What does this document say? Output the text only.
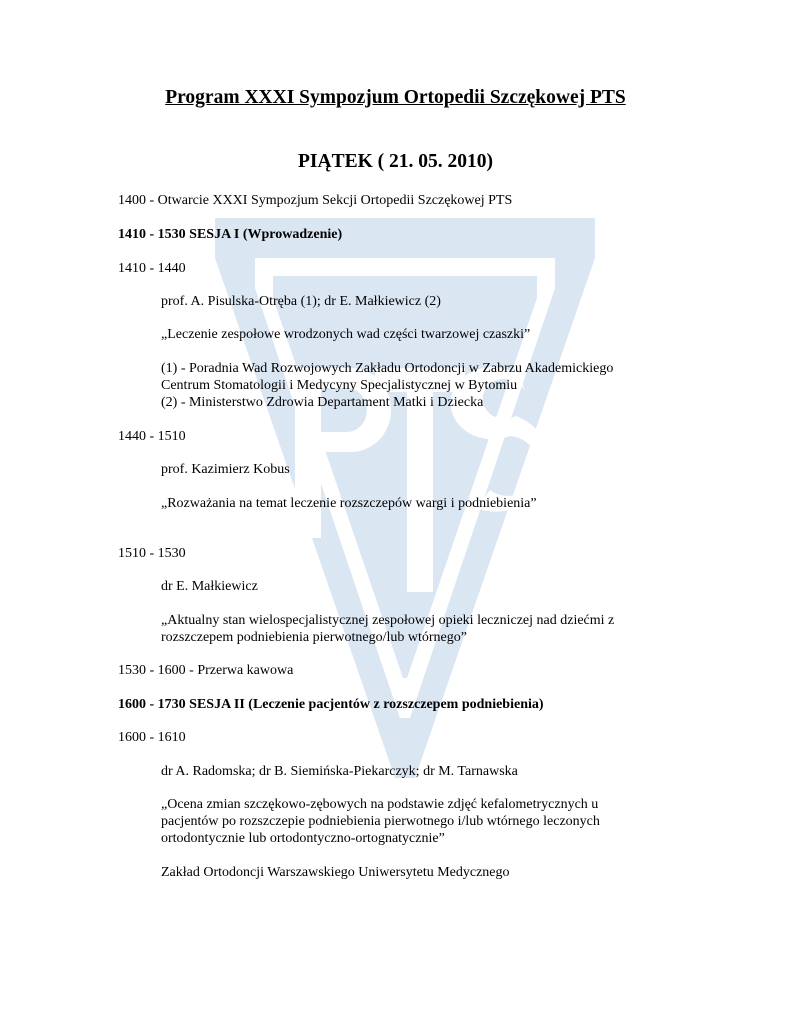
Program XXXI Sympozjum Ortopedii Szczękowej PTS
PIĄTEK ( 21. 05. 2010)

1400 - Otwarcie XXXI Sympozjum Sekcji Ortopedii Szczękowej PTS

1410 - 1530 SESJA I (Wprowadzenie)

1410 - 1440

prof. A. Pisulska-Otręba (1); dr E. Małkiewicz (2)

„Leczenie zespołowe wrodzonych wad części twarzowej czaszki”

(1) - Poradnia Wad Rozwojowych Zakładu Ortodoncji w Zabrzu Akademickiego

Centrum Stomatologii i Medycyny Specjalistycznej w Bytomiu

(2) - Ministerstwo Zdrowia Departament Matki i Dziecka

1440 - 1510

prof. Kazimierz Kobus

„Rozważania na temat leczenie rozszczepów wargi i podniebienia”

1510 - 1530

dr E. Małkiewicz

„Aktualny stan wielospecjalistycznej zespołowej opieki leczniczej nad dziećmi z

rozszczepem podniebienia pierwotnego/lub wtórnego”

1530 - 1600 - Przerwa kawowa

1600 - 1730 SESJA II (Leczenie pacjentów z rozszczepem podniebienia)

1600 - 1610

dr A. Radomska; dr B. Siemińska-Piekarczyk; dr M. Tarnawska

„Ocena zmian szczękowo-zębowych na podstawie zdjęć kefalometrycznych u

pacjentów po rozszczepie podniebienia pierwotnego i/lub wtórnego leczonych

ortodontycznie lub ortodontyczno-ortognatycznie”

Zakład Ortodoncji Warszawskiego Uniwersytetu Medycznego
